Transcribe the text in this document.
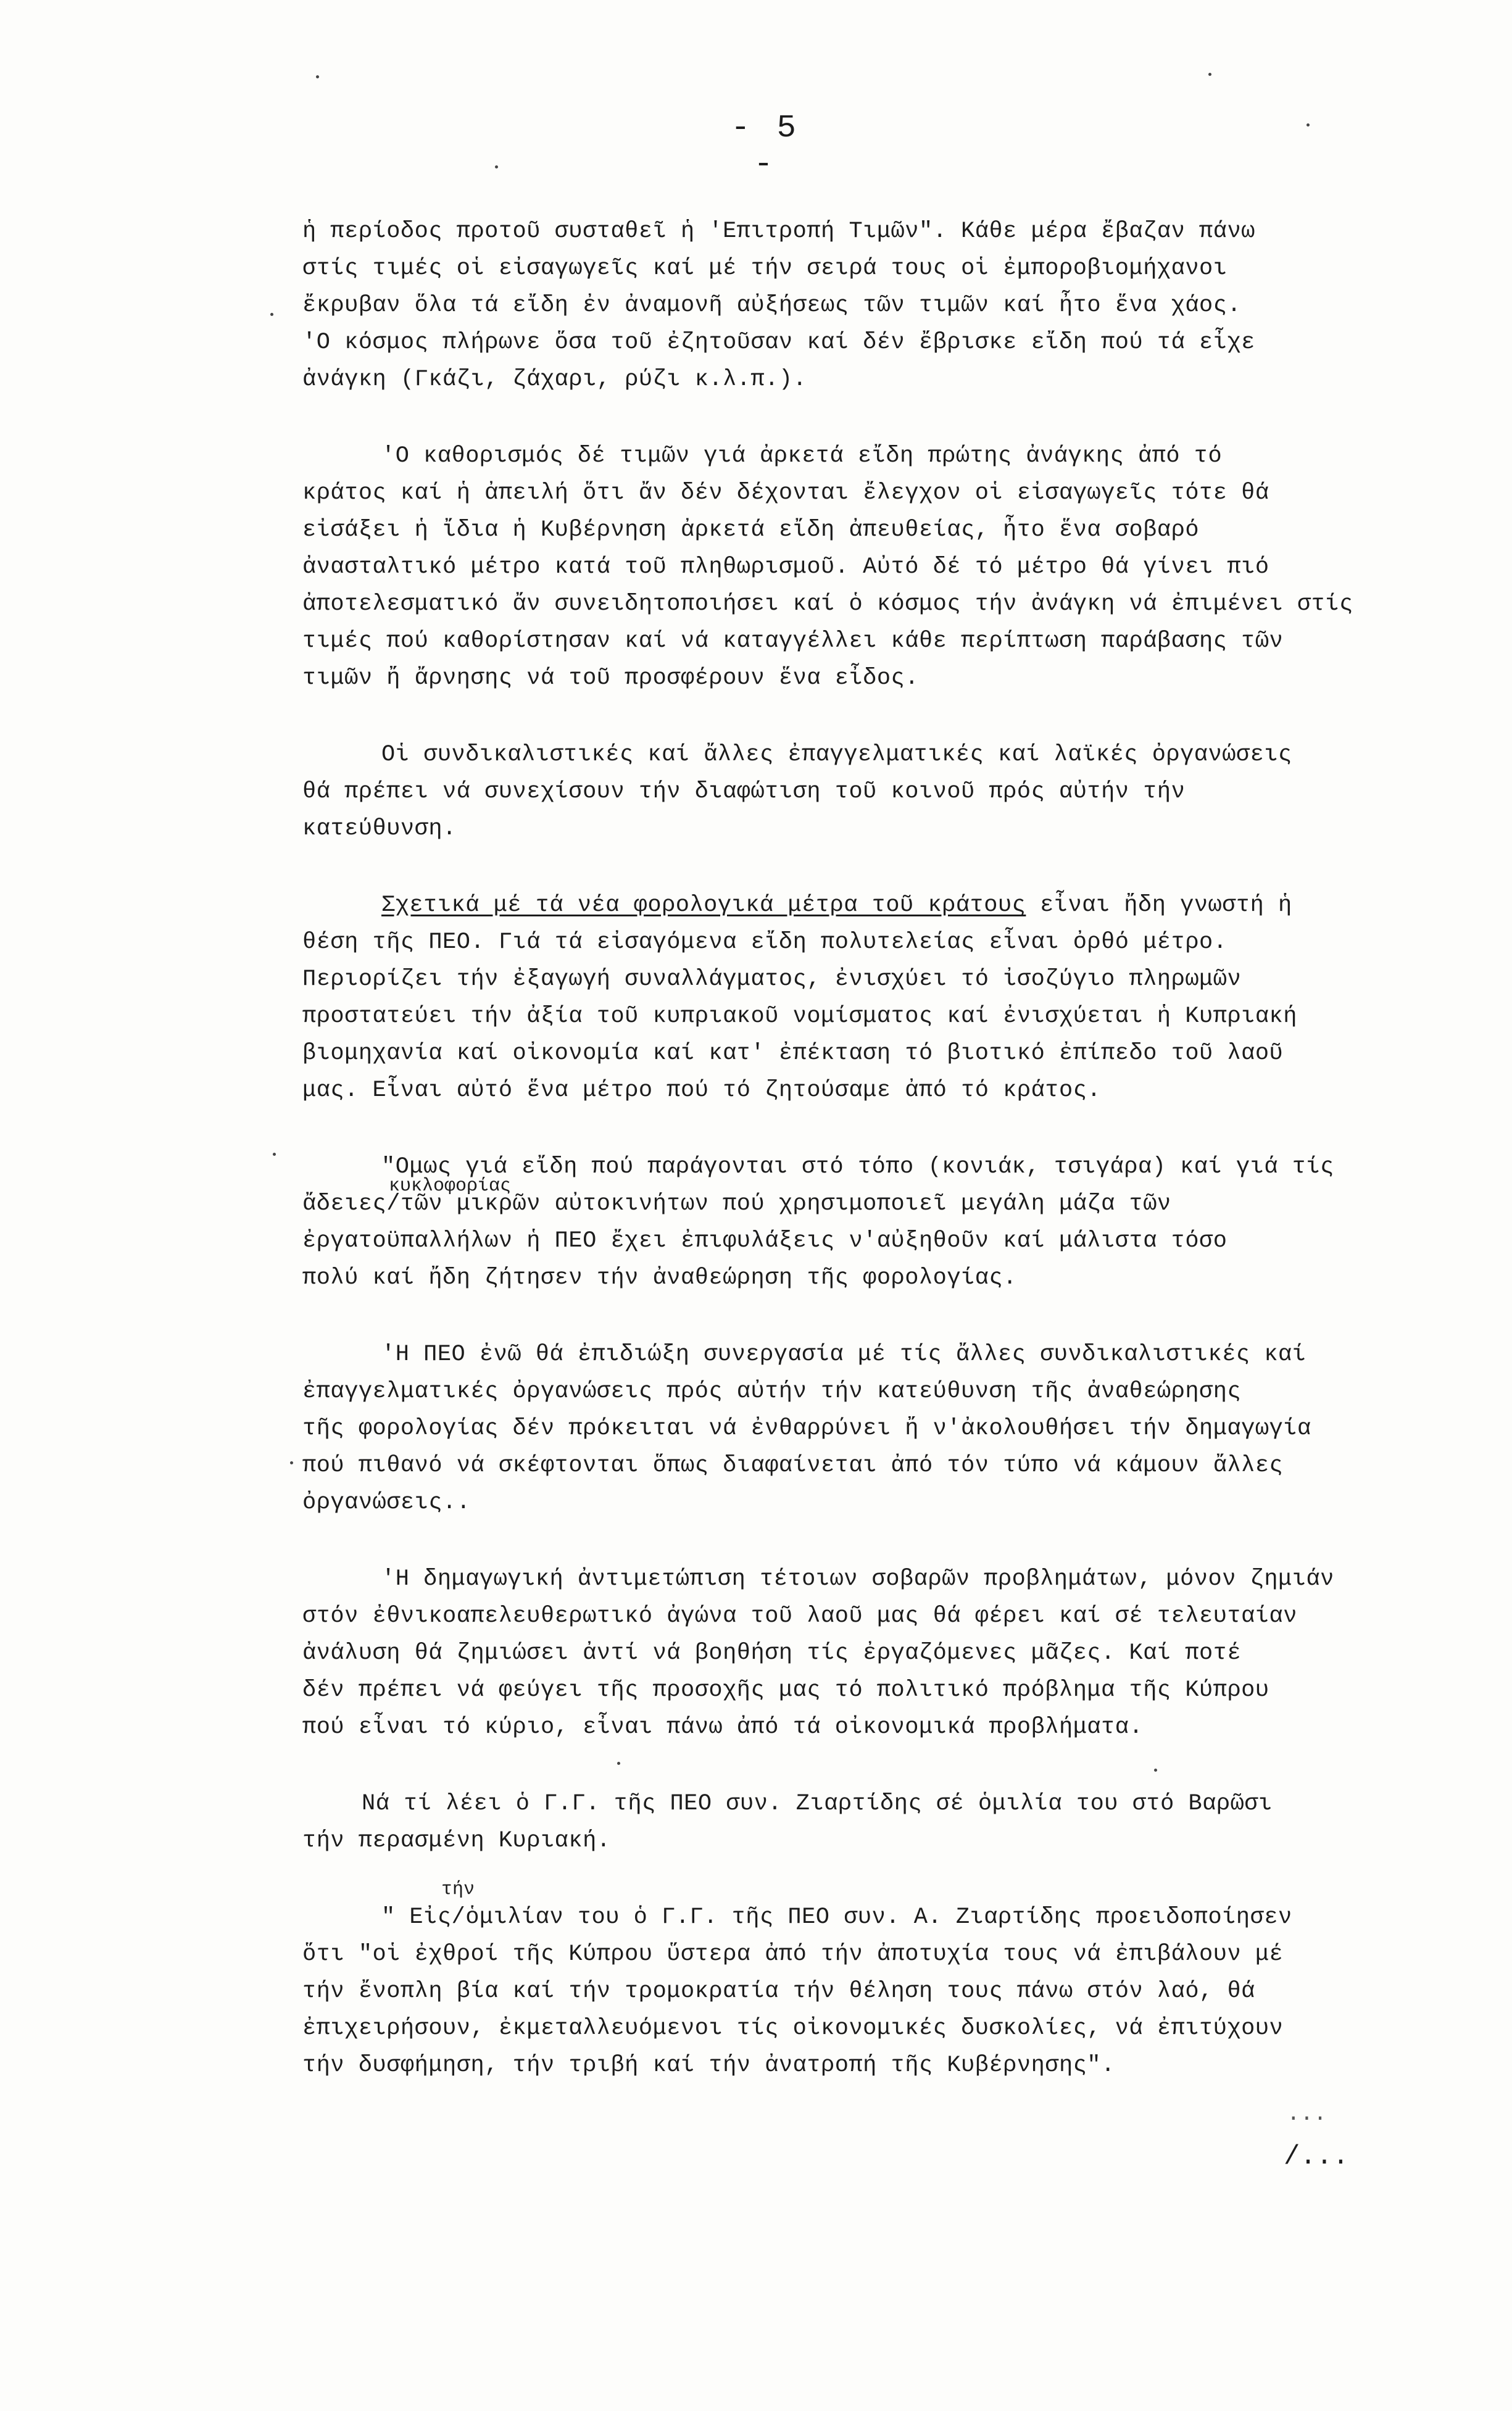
- 5 -
ἡ περίοδος προτοῦ συσταθεῖ ἡ 'Επιτροπή Τιμῶν". Κάθε μέρα ἔβαζαν πάνω
στίς τιμές οἱ εἰσαγωγεῖς καί μέ τήν σειρά τους οἱ ἐμποροβιομήχανοι
ἔκρυβαν ὅλα τά εἴδη ἐν ἀναμονῆ αὐξήσεως τῶν τιμῶν καί ἦτο ἕνα χάος.
'Ο κόσμος πλήρωνε ὅσα τοῦ ἐζητοῦσαν καί δέν ἔβρισκε εἴδη πού τά εἶχε
ἀνάγκη (Γκάζι, ζάχαρι, ρύζι κ.λ.π.).
'Ο καθορισμός δέ τιμῶν γιά ἀρκετά εἴδη πρώτης ἀνάγκης ἀπό τό
κράτος καί ἡ ἀπειλή ὅτι ἄν δέν δέχονται ἔλεγχον οἱ εἰσαγωγεῖς τότε θά
εἰσάξει ἡ ἴδια ἡ Κυβέρνηση ἀρκετά εἴδη ἀπευθείας, ἦτο ἕνα σοβαρό
ἀνασταλτικό μέτρο κατά τοῦ πληθωρισμοῦ. Αὐτό δέ τό μέτρο θά γίνει πιό
ἀποτελεσματικό ἄν συνειδητοποιήσει καί ὁ κόσμος τήν ἀνάγκη νά ἐπιμένει στίς
τιμές πού καθορίστησαν καί νά καταγγέλλει κάθε περίπτωση παράβασης τῶν
τιμῶν ἤ ἄρνησης νά τοῦ προσφέρουν ἕνα εἶδος.
Οἱ συνδικαλιστικές καί ἄλλες ἐπαγγελματικές καί λαϊκές ὀργανώσεις
θά πρέπει νά συνεχίσουν τήν διαφώτιση τοῦ κοινοῦ πρός αὐτήν τήν
κατεύθυνση.
Σχετικά μέ τά νέα φορολογικά μέτρα τοῦ κράτους εἶναι ἤδη γνωστή ἡ
θέση τῆς ΠΕΟ. Γιά τά εἰσαγόμενα εἴδη πολυτελείας εἶναι ὀρθό μέτρο.
Περιορίζει τήν ἐξαγωγή συναλλάγματος, ἐνισχύει τό ἰσοζύγιο πληρωμῶν
προστατεύει τήν ἀξία τοῦ κυπριακοῦ νομίσματος καί ἐνισχύεται ἡ Κυπριακή
βιομηχανία καί οἰκονομία καί κατ' ἐπέκταση τό βιοτικό ἐπίπεδο τοῦ λαοῦ
μας. Εἶναι αὐτό ἕνα μέτρο πού τό ζητούσαμε ἀπό τό κράτος.
κυκλοφορίας
"Ομως γιά εἴδη πού παράγονται στό τόπο (κονιάκ, τσιγάρα) καί γιά τίς
ἄδειες/τῶν μικρῶν αὐτοκινήτων πού χρησιμοποιεῖ μεγάλη μάζα τῶν
ἐργατοϋπαλλήλων ἡ ΠΕΟ ἔχει ἐπιφυλάξεις ν'αὐξηθοῦν καί μάλιστα τόσο
πολύ καί ἤδη ζήτησεν τήν ἀναθεώρηση τῆς φορολογίας.
'Η ΠΕΟ ἐνῶ θά ἐπιδιώξη συνεργασία μέ τίς ἄλλες συνδικαλιστικές καί
ἐπαγγελματικές ὀργανώσεις πρός αὐτήν τήν κατεύθυνση τῆς ἀναθεώρησης
τῆς φορολογίας δέν πρόκειται νά ἐνθαρρύνει ἤ ν'ἀκολουθήσει τήν δημαγωγία
πού πιθανό νά σκέφτονται ὅπως διαφαίνεται ἀπό τόν τύπο νά κάμουν ἄλλες
ὀργανώσεις..
'Η δημαγωγική ἀντιμετώπιση τέτοιων σοβαρῶν προβλημάτων, μόνον ζημιάν
στόν ἐθνικοαπελευθερωτικό ἀγώνα τοῦ λαοῦ μας θά φέρει καί σέ τελευταίαν
ἀνάλυση θά ζημιώσει ἀντί νά βοηθήση τίς ἐργαζόμενες μᾶζες. Καί ποτέ
δέν πρέπει νά φεύγει τῆς προσοχῆς μας τό πολιτικό πρόβλημα τῆς Κύπρου
πού εἶναι τό κύριο, εἶναι πάνω ἀπό τά οἰκονομικά προβλήματα.
Νά τί λέει ὁ Γ.Γ. τῆς ΠΕΟ συν. Ζιαρτίδης σέ ὁμιλία του στό Βαρῶσι
τήν περασμένη Κυριακή.
τήν
" Εἰς/ὁμιλίαν του ὁ Γ.Γ. τῆς ΠΕΟ συν. Α. Ζιαρτίδης προειδοποίησεν
ὅτι "οἱ ἐχθροί τῆς Κύπρου ὕστερα ἀπό τήν ἀποτυχία τους νά ἐπιβάλουν μέ
τήν ἔνοπλη βία καί τήν τρομοκρατία τήν θέληση τους πάνω στόν λαό, θά
ἐπιχειρήσουν, ἐκμεταλλευόμενοι τίς οἰκονομικές δυσκολίες, νά ἐπιτύχουν
τήν δυσφήμηση, τήν τριβή καί τήν ἀνατροπή τῆς Κυβέρνησης".
...
/...
